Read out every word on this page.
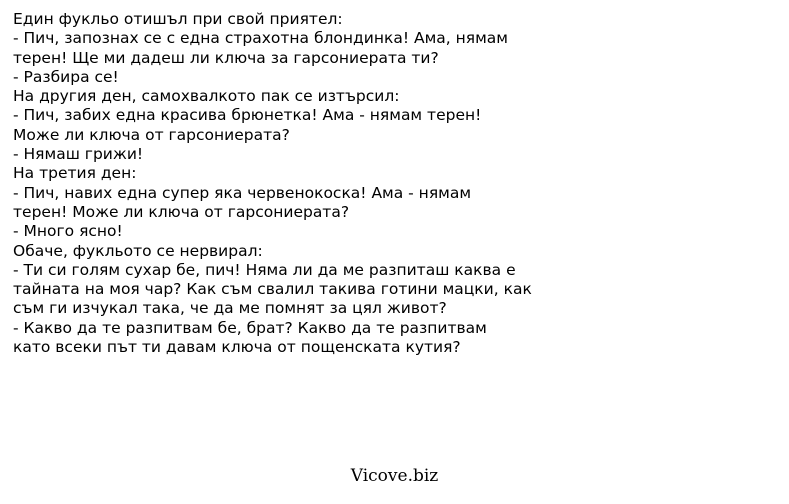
Един фукльо отишъл при свой приятел:
- Пич, запознах се с една страхотна блондинка! Ама, нямам
терен! Ще ми дадеш ли ключа за гарсониерата ти?
- Разбира се!
На другия ден, самохвалкото пак се изтърсил:
- Пич, забих една красива брюнетка! Ама - нямам терен!
Може ли ключа от гарсониерата?
- Нямаш грижи!
На третия ден:
- Пич, навих една супер яка червенокоска! Ама - нямам
терен! Може ли ключа от гарсониерата?
- Много ясно!
Обаче, фукльото се нервирал:
- Ти си голям сухар бе, пич! Няма ли да ме разпиташ каква е
тайната на моя чар? Как съм свалил такива готини мацки, как
съм ги изчукал така, че да ме помнят за цял живот?
- Какво да те разпитвам бе, брат? Какво да те разпитвам
като всеки път ти давам ключа от пощенската кутия?
Vicove.biz
